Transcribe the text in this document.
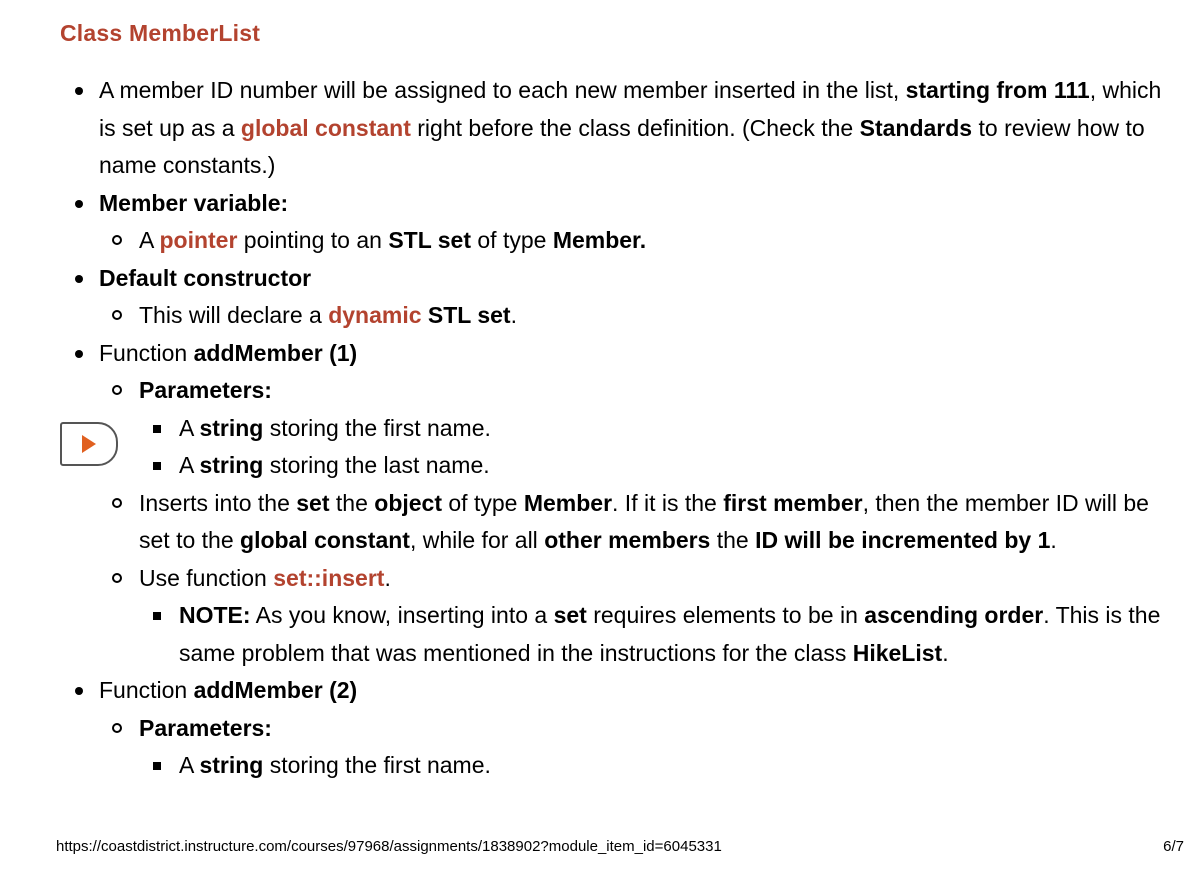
Class MemberList
A member ID number will be assigned to each new member inserted in the list, starting from 111, which is set up as a global constant right before the class definition. (Check the Standards to review how to name constants.)
Member variable:
A pointer pointing to an STL set of type Member.
Default constructor
This will declare a dynamic STL set.
Function addMember (1)
Parameters:
A string storing the first name.
A string storing the last name.
Inserts into the set the object of type Member. If it is the first member, then the member ID will be set to the global constant, while for all other members the ID will be incremented by 1.
Use function set::insert.
NOTE: As you know, inserting into a set requires elements to be in ascending order. This is the same problem that was mentioned in the instructions for the class HikeList.
Function addMember (2)
Parameters:
A string storing the first name.
https://coastdistrict.instructure.com/courses/97968/assignments/1838902?module_item_id=6045331	6/7
